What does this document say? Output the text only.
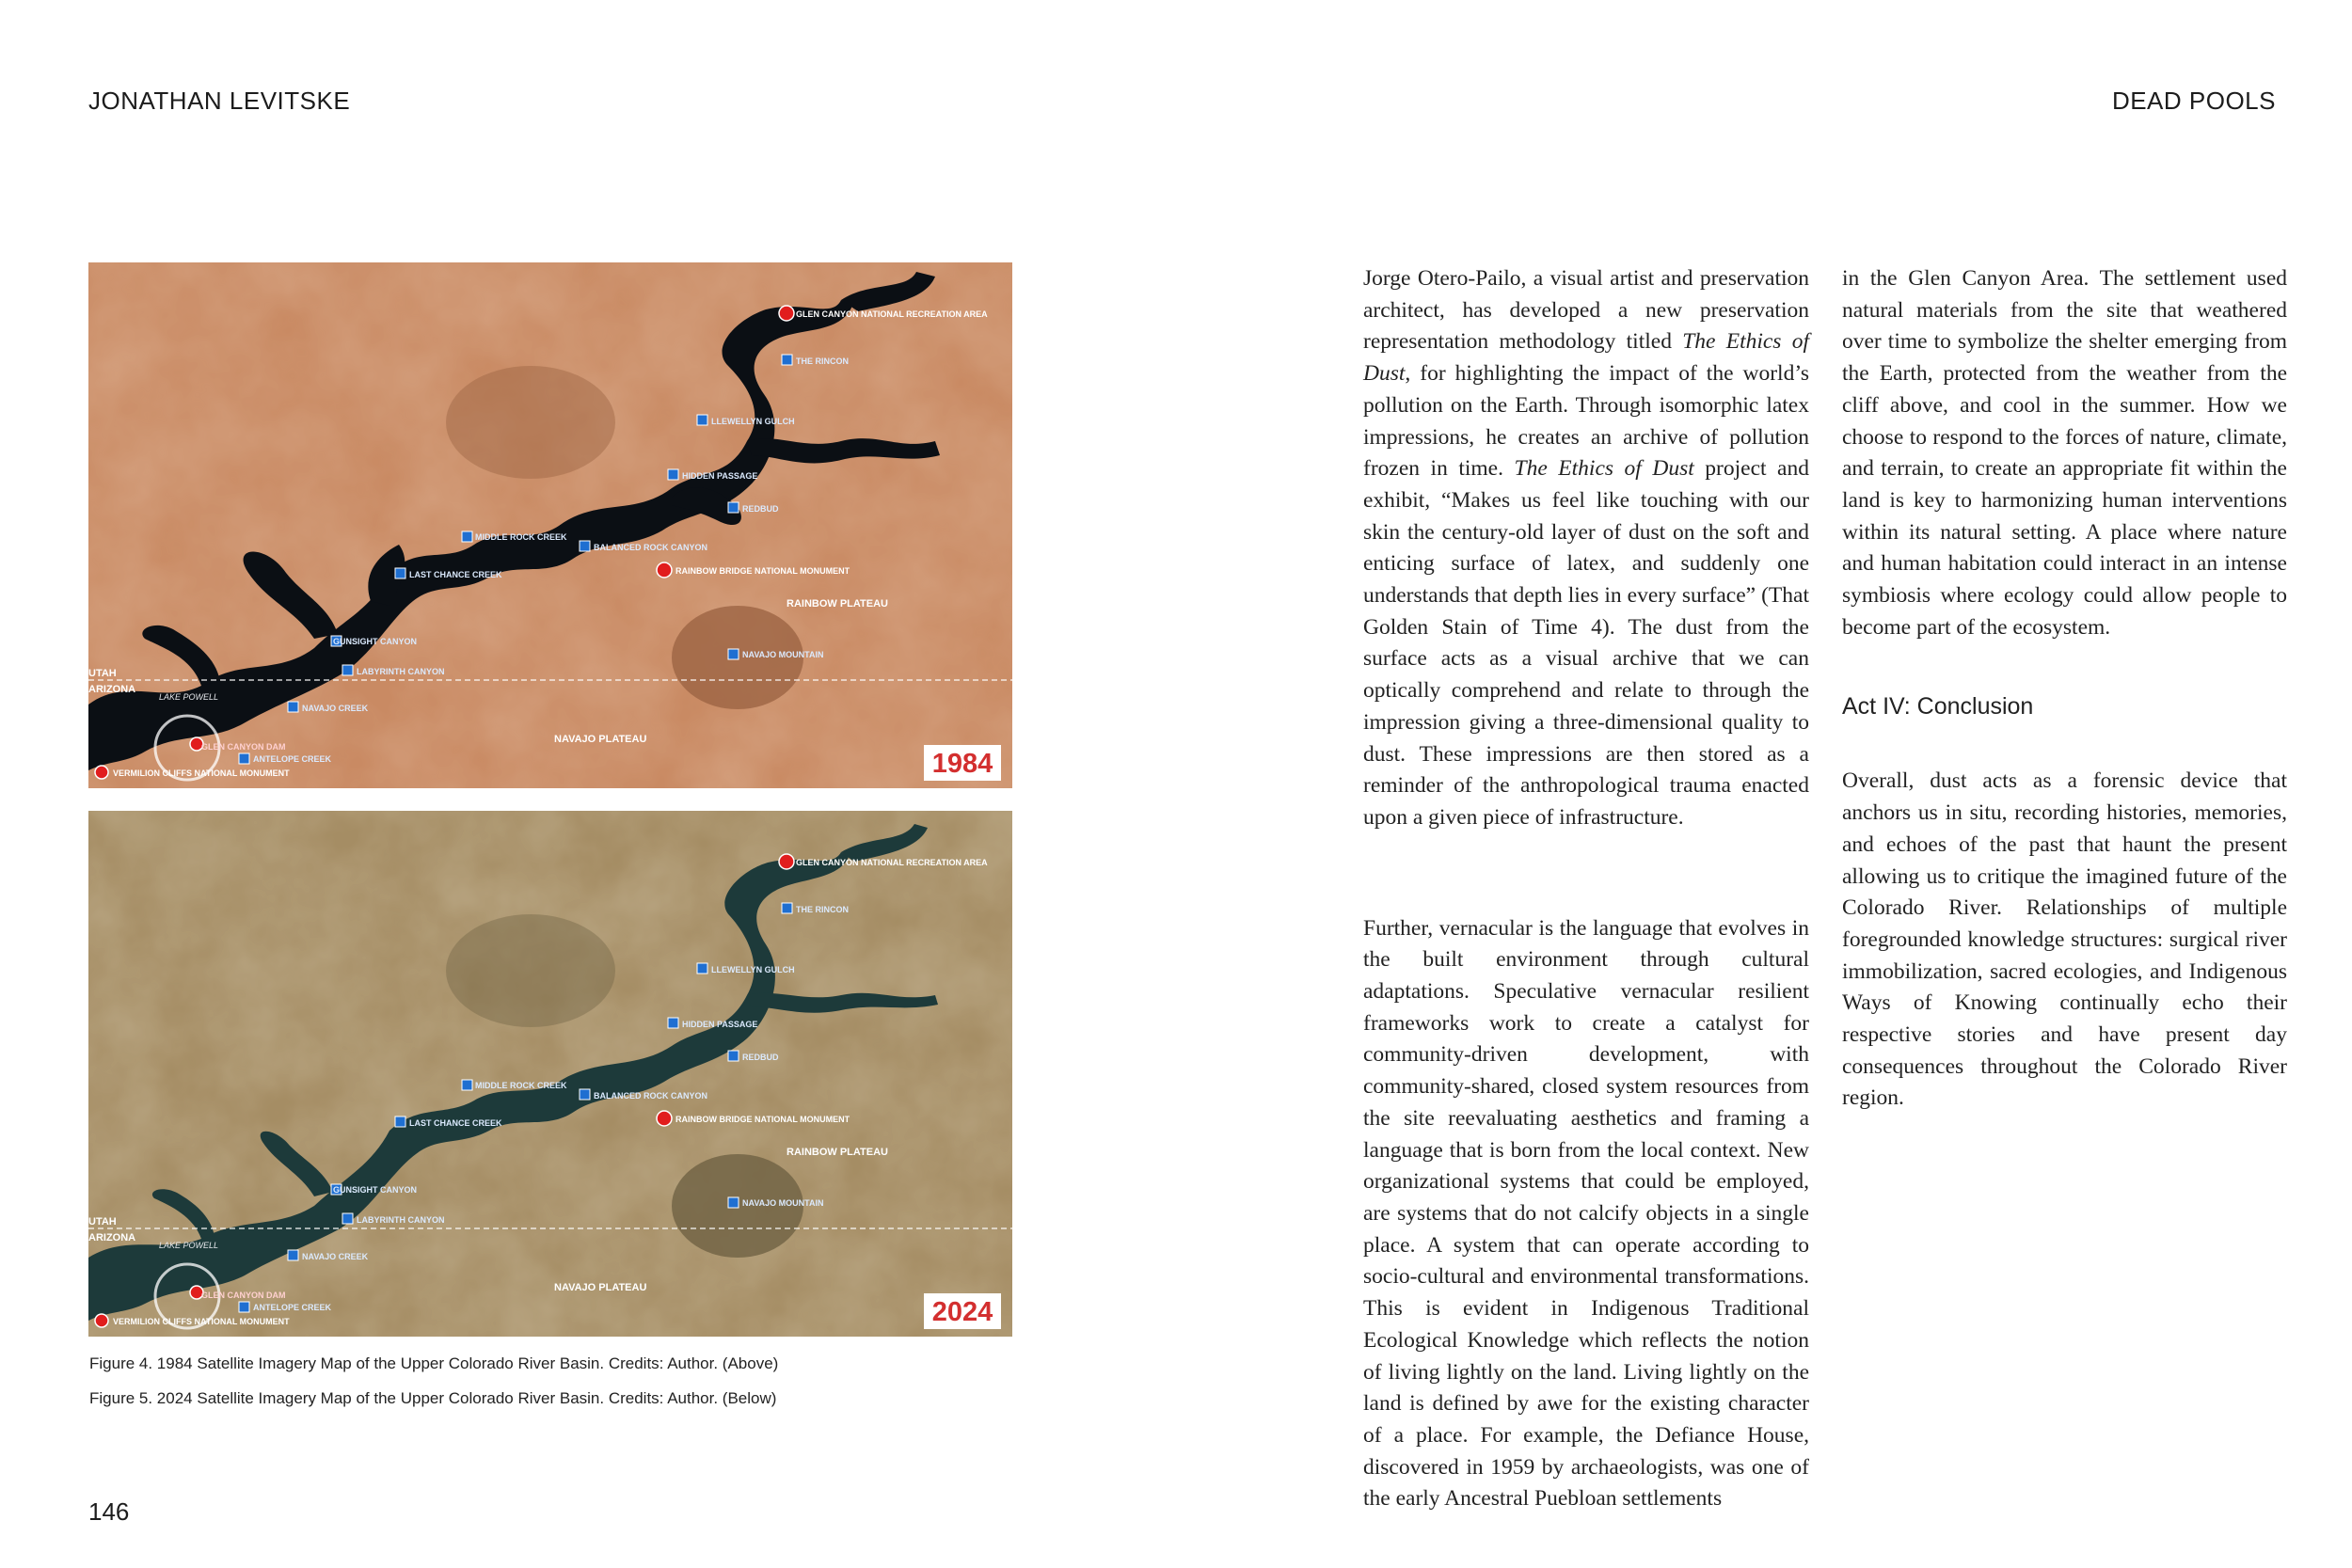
JONATHAN LEVITSKE	DEAD POOLS
GLEN CANYON NATIONAL RECREATION AREA
THE RINCON
LLEWELLYN GULCH
HIDDEN PASSAGE
REDBUD
MIDDLE ROCK CREEK
BALANCED ROCK CANYON
RAINBOW BRIDGE NATIONAL MONUMENT
LAST CHANCE CREEK
RAINBOW PLATEAU
GUNSIGHT CANYON
NAVAJO MOUNTAIN
LABYRINTH CANYON
UTAH
ARIZONA
LAKE POWELL
NAVAJO CREEK
NAVAJO PLATEAU
GLEN CANYON DAM
ANTELOPE CREEK
VERMILION CLIFFS NATIONAL MONUMENT	1984
GLEN CANYON NATIONAL RECREATION AREA
THE RINCON
LLEWELLYN GULCH
HIDDEN PASSAGE
REDBUD
MIDDLE ROCK CREEK
BALANCED ROCK CANYON
RAINBOW BRIDGE NATIONAL MONUMENT
LAST CHANCE CREEK
RAINBOW PLATEAU
GUNSIGHT CANYON
NAVAJO MOUNTAIN
LABYRINTH CANYON
UTAH
ARIZONA
LAKE POWELL
NAVAJO CREEK
NAVAJO PLATEAU
GLEN CANYON DAM
ANTELOPE CREEK
VERMILION CLIFFS NATIONAL MONUMENT	2024
Figure 4. 1984 Satellite Imagery Map of the Upper Colorado River Basin. Credits: Author. (Above)
Figure 5. 2024 Satellite Imagery Map of the Upper Colorado River Basin. Credits: Author. (Below)

Jorge Otero-Pailo, a visual artist and preservation architect, has developed a new preservation representation methodology titled The Ethics of Dust, for highlighting the impact of the world’s pollution on the Earth. Through isomorphic latex impressions, he creates an archive of pollution frozen in time. The Ethics of Dust project and exhibit, “Makes us feel like touching with our skin the century-old layer of dust on the soft and enticing surface of latex, and suddenly one understands that depth lies in every surface” (That Golden Stain of Time 4). The dust from the surface acts as a visual archive that we can optically comprehend and relate to through the impression giving a three-dimensional quality to dust. These impressions are then stored as a reminder of the anthropological trauma enacted upon a given piece of infrastructure.

Further, vernacular is the language that evolves in the built environment through cultural adaptations. Speculative vernacular resilient frameworks work to create a catalyst for community-driven development, with community-shared, closed system resources from the site reevaluating aesthetics and framing a language that is born from the local context. New organizational systems that could be employed, are systems that do not calcify objects in a single place. A system that can operate according to socio-cultural and environmental transformations. This is evident in Indigenous Traditional Ecological Knowledge which reflects the notion of living lightly on the land. Living lightly on the land is defined by awe for the existing character of a place. For example, the Defiance House, discovered in 1959 by archaeologists, was one of the early Ancestral Puebloan settlements

in the Glen Canyon Area. The settlement used natural materials from the site that weathered over time to symbolize the shelter emerging from the Earth, protected from the weather from the cliff above, and cool in the summer. How we choose to respond to the forces of nature, climate, and terrain, to create an appropriate fit within the land is key to harmonizing human interventions within its natural setting. A place where nature and human habitation could interact in an intense symbiosis where ecology could allow people to become part of the ecosystem.

Act IV: Conclusion

Overall, dust acts as a forensic device that anchors us in situ, recording histories, memories, and echoes of the past that haunt the present allowing us to critique the imagined future of the Colorado River. Relationships of multiple foregrounded knowledge structures: surgical river immobilization, sacred ecologies, and Indigenous Ways of Knowing continually echo their respective stories and have present day consequences throughout the Colorado River region.

146
